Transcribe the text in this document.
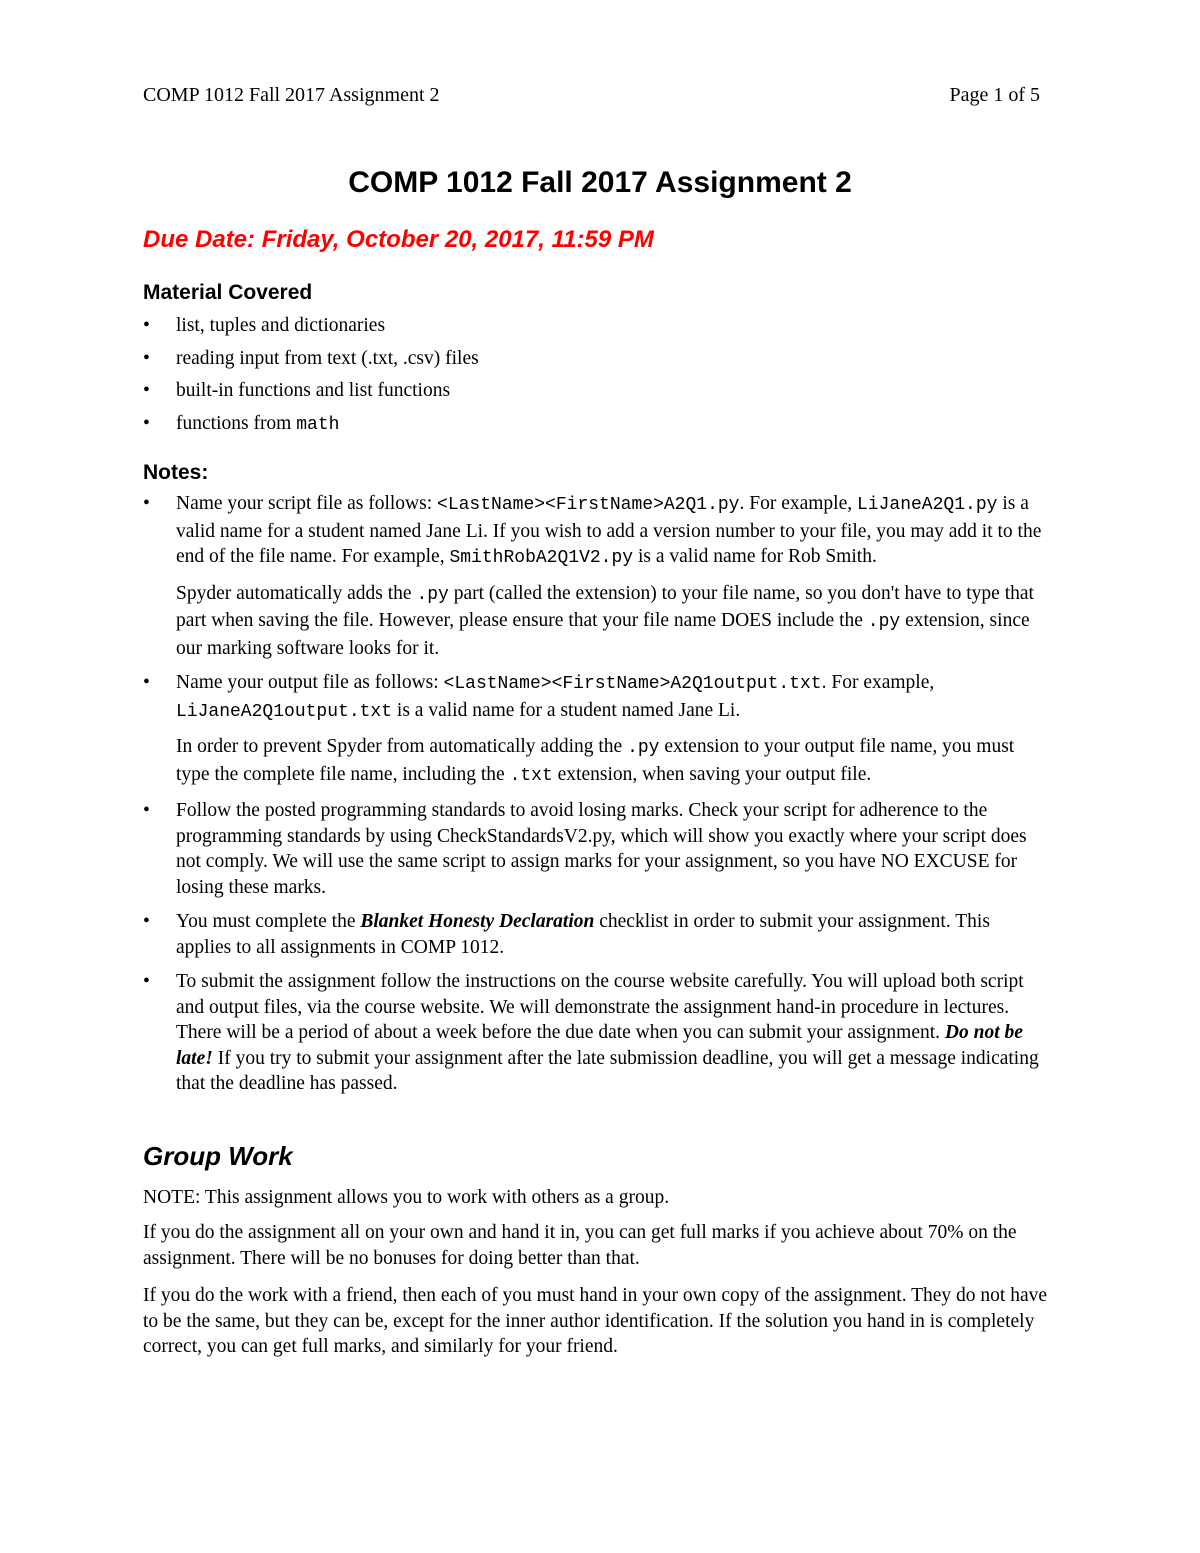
COMP 1012 Fall 2017 Assignment 2	Page 1 of 5
COMP 1012 Fall 2017 Assignment 2
Due Date: Friday, October 20, 2017, 11:59 PM
Material Covered
• list, tuples and dictionaries
• reading input from text (.txt, .csv) files
• built-in functions and list functions
• functions from math
Notes:

• Name your script file as follows: <LastName><FirstName>A2Q1.py. For example, LiJaneA2Q1.py is a valid name for a student named Jane Li. If you wish to add a version number to your file, you may add it to the end of the file name. For example, SmithRobA2Q1V2.py is a valid name for Rob Smith.

Spyder automatically adds the .py part (called the extension) to your file name, so you don't have to type that part when saving the file. However, please ensure that your file name DOES include the .py extension, since our marking software looks for it.

• Name your output file as follows: <LastName><FirstName>A2Q1output.txt. For example, LiJaneA2Q1output.txt is a valid name for a student named Jane Li.

In order to prevent Spyder from automatically adding the .py extension to your output file name, you must type the complete file name, including the .txt extension, when saving your output file.

• Follow the posted programming standards to avoid losing marks. Check your script for adherence to the programming standards by using CheckStandardsV2.py, which will show you exactly where your script does not comply. We will use the same script to assign marks for your assignment, so you have NO EXCUSE for losing these marks.
• You must complete the Blanket Honesty Declaration checklist in order to submit your assignment. This applies to all assignments in COMP 1012.
• To submit the assignment follow the instructions on the course website carefully. You will upload both script and output files, via the course website. We will demonstrate the assignment hand-in procedure in lectures. There will be a period of about a week before the due date when you can submit your assignment. Do not be late! If you try to submit your assignment after the late submission deadline, you will get a message indicating that the deadline has passed.
Group Work

NOTE: This assignment allows you to work with others as a group.

If you do the assignment all on your own and hand it in, you can get full marks if you achieve about 70% on the assignment. There will be no bonuses for doing better than that.

If you do the work with a friend, then each of you must hand in your own copy of the assignment. They do not have to be the same, but they can be, except for the inner author identification. If the solution you hand in is completely correct, you can get full marks, and similarly for your friend.
